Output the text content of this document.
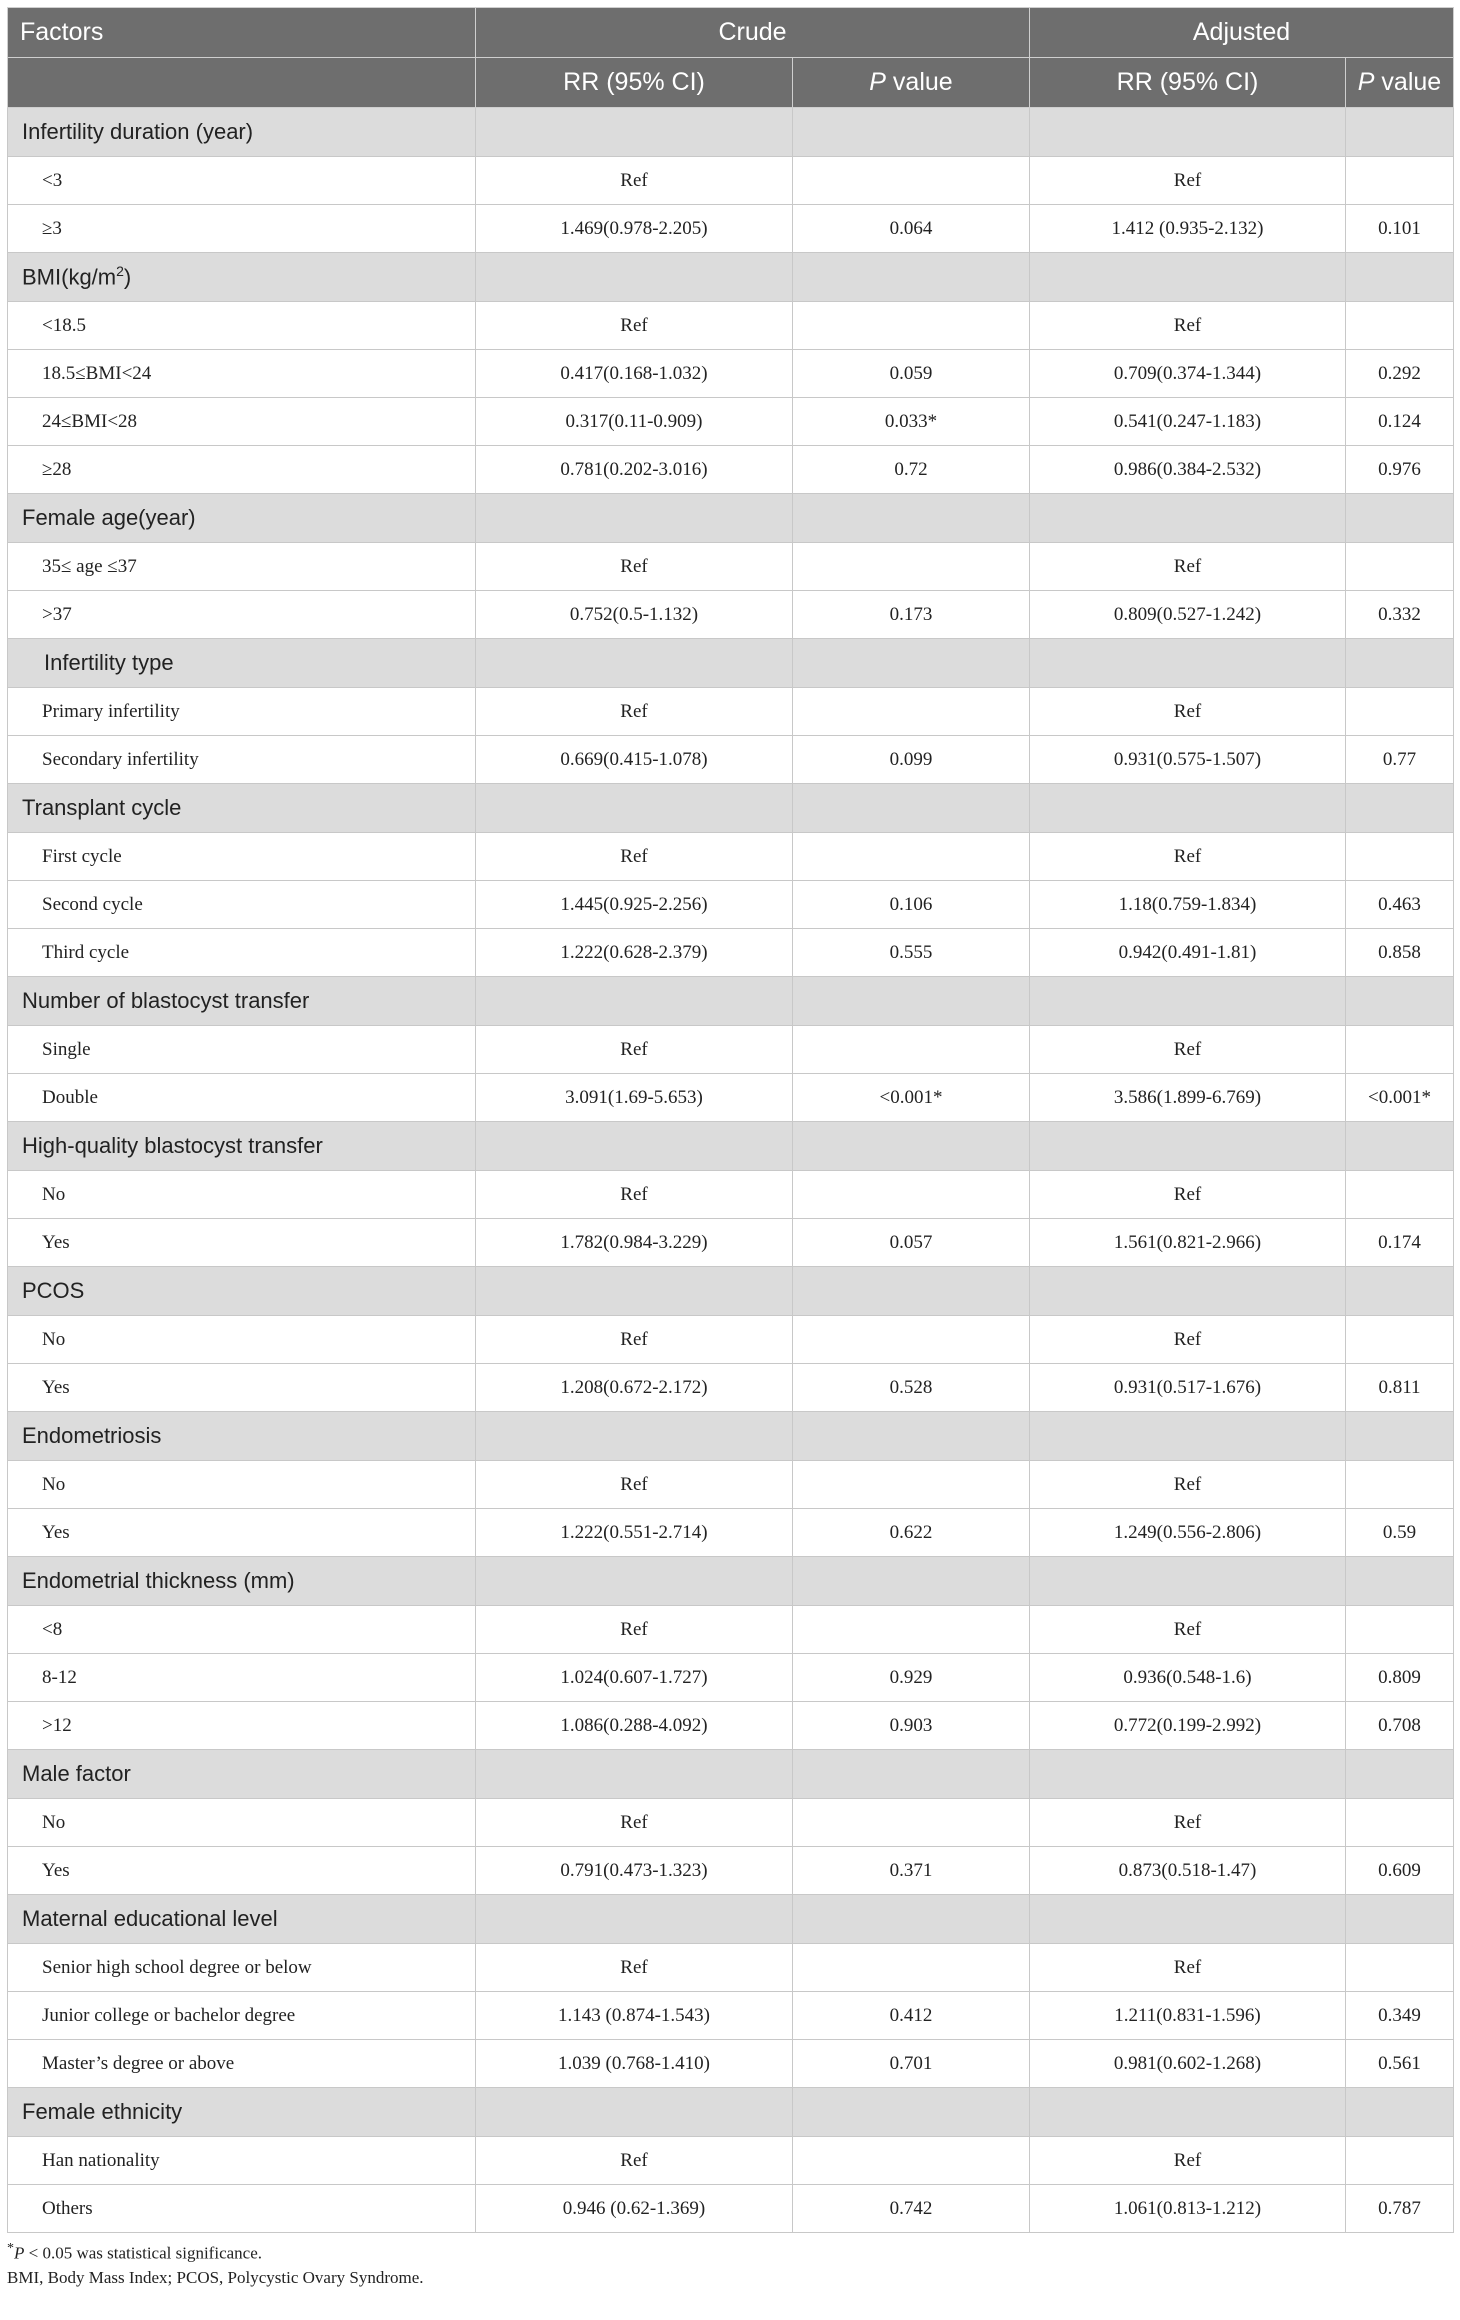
Factors	Crude		Adjusted	
	RR (95% CI)	P value	RR (95% CI)	P value
Infertility duration (year)				
<3	Ref		Ref	
≥3	1.469(0.978-2.205)	0.064	1.412 (0.935-2.132)	0.101
$BMI(kg/m^2)$				
<18.5	Ref		Ref	
18.5≤BMI<24	0.417(0.168-1.032)	0.059	0.709(0.374-1.344)	0.292
24≤BMI<28	0.317(0.11-0.909)	0.033*	0.541(0.247-1.183)	0.124
≥28	0.781(0.202-3.016)	0.72	0.986(0.384-2.532)	0.976
Female age(year)				
35≤ age ≤37	Ref		Ref	
>37	0.752(0.5-1.132)	0.173	0.809(0.527-1.242)	0.332
Infertility type				
Primary infertility	Ref		Ref	
Secondary infertility	0.669(0.415-1.078)	0.099	0.931(0.575-1.507)	0.77
Transplant cycle				
First cycle	Ref		Ref	
Second cycle	1.445(0.925-2.256)	0.106	1.18(0.759-1.834)	0.463
Third cycle	1.222(0.628-2.379)	0.555	0.942(0.491-1.81)	0.858
Number of blastocyst transfer				
Single	Ref		Ref	
Double	3.091(1.69-5.653)	<0.001*	3.586(1.899-6.769)	<0.001*
High-quality blastocyst transfer				
No	Ref		Ref	
Yes	1.782(0.984-3.229)	0.057	1.561(0.821-2.966)	0.174
PCOS				
No	Ref		Ref	
Yes	1.208(0.672-2.172)	0.528	0.931(0.517-1.676)	0.811
Endometriosis				
No	Ref		Ref	
Yes	1.222(0.551-2.714)	0.622	1.249(0.556-2.806)	0.59
Endometrial thickness (mm)				
<8	Ref		Ref	
8-12	1.024(0.607-1.727)	0.929	0.936(0.548-1.6)	0.809
>12	1.086(0.288-4.092)	0.903	0.772(0.199-2.992)	0.708
Male factor				
No	Ref		Ref	
Yes	0.791(0.473-1.323)	0.371	0.873(0.518-1.47)	0.609
Maternal educational level				
Senior high school degree or below	Ref		Ref	
Junior college or bachelor degree	1.143 (0.874-1.543)	0.412	1.211(0.831-1.596)	0.349
Master’s degree or above	1.039 (0.768-1.410)	0.701	0.981(0.602-1.268)	0.561
Female ethnicity				
Han nationality	Ref		Ref	
Others	0.946 (0.62-1.369)	0.742	1.061(0.813-1.212)	0.787
*P < 0.05 was statistical significance.
BMI, Body Mass Index; PCOS, Polycystic Ovary Syndrome.
